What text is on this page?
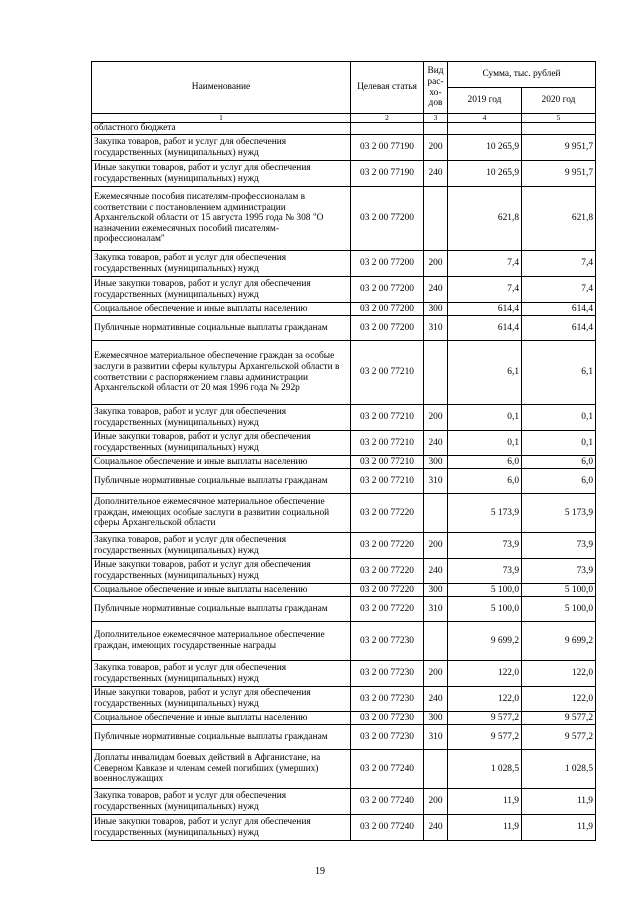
Наименование	Целевая статья	Вид
рас-
хо-
дов	Сумма, тыс. рублей	
			2019 год	2020 год
1	2	3	4	5
областного бюджета				
Закупка товаров, работ и услуг для обеспечения государственных (муниципальных) нужд	03 2 00 77190	200	10 265,9	9 951,7
Иные закупки товаров, работ и услуг для обеспечения государственных (муниципальных) нужд	03 2 00 77190	240	10 265,9	9 951,7
Ежемесячные пособия писателям-профессионалам в соответствии с постановлением администрации Архангельской области от 15 августа 1995 года № 308 "О назначении ежемесячных пособий писателям-профессионалам"	03 2 00 77200		621,8	621,8
Закупка товаров, работ и услуг для обеспечения государственных (муниципальных) нужд	03 2 00 77200	200	7,4	7,4
Иные закупки товаров, работ и услуг для обеспечения государственных (муниципальных) нужд	03 2 00 77200	240	7,4	7,4
Социальное обеспечение и иные выплаты населению	03 2 00 77200	300	614,4	614,4
Публичные нормативные социальные выплаты гражданам	03 2 00 77200	310	614,4	614,4
Ежемесячное материальное обеспечение граждан за особые заслуги в развитии сферы культуры Архангельской области в соответствии с распоряжением главы администрации Архангельской области от 20 мая 1996 года № 292р	03 2 00 77210		6,1	6,1
Закупка товаров, работ и услуг для обеспечения государственных (муниципальных) нужд	03 2 00 77210	200	0,1	0,1
Иные закупки товаров, работ и услуг для обеспечения государственных (муниципальных) нужд	03 2 00 77210	240	0,1	0,1
Социальное обеспечение и иные выплаты населению	03 2 00 77210	300	6,0	6,0
Публичные нормативные социальные выплаты гражданам	03 2 00 77210	310	6,0	6,0
Дополнительное ежемесячное материальное обеспечение граждан, имеющих особые заслуги в развитии социальной сферы Архангельской области	03 2 00 77220		5 173,9	5 173,9
Закупка товаров, работ и услуг для обеспечения государственных (муниципальных) нужд	03 2 00 77220	200	73,9	73,9
Иные закупки товаров, работ и услуг для обеспечения государственных (муниципальных) нужд	03 2 00 77220	240	73,9	73,9
Социальное обеспечение и иные выплаты населению	03 2 00 77220	300	5 100,0	5 100,0
Публичные нормативные социальные выплаты гражданам	03 2 00 77220	310	5 100,0	5 100,0
Дополнительное ежемесячное материальное обеспечение граждан, имеющих государственные награды	03 2 00 77230		9 699,2	9 699,2
Закупка товаров, работ и услуг для обеспечения государственных (муниципальных) нужд	03 2 00 77230	200	122,0	122,0
Иные закупки товаров, работ и услуг для обеспечения государственных (муниципальных) нужд	03 2 00 77230	240	122,0	122,0
Социальное обеспечение и иные выплаты населению	03 2 00 77230	300	9 577,2	9 577,2
Публичные нормативные социальные выплаты гражданам	03 2 00 77230	310	9 577,2	9 577,2
Доплаты инвалидам боевых действий в Афганистане, на Северном Кавказе и членам семей погибших (умерших) военнослужащих	03 2 00 77240		1 028,5	1 028,5
Закупка товаров, работ и услуг для обеспечения государственных (муниципальных) нужд	03 2 00 77240	200	11,9	11,9
Иные закупки товаров, работ и услуг для обеспечения государственных (муниципальных) нужд	03 2 00 77240	240	11,9	11,9
19
